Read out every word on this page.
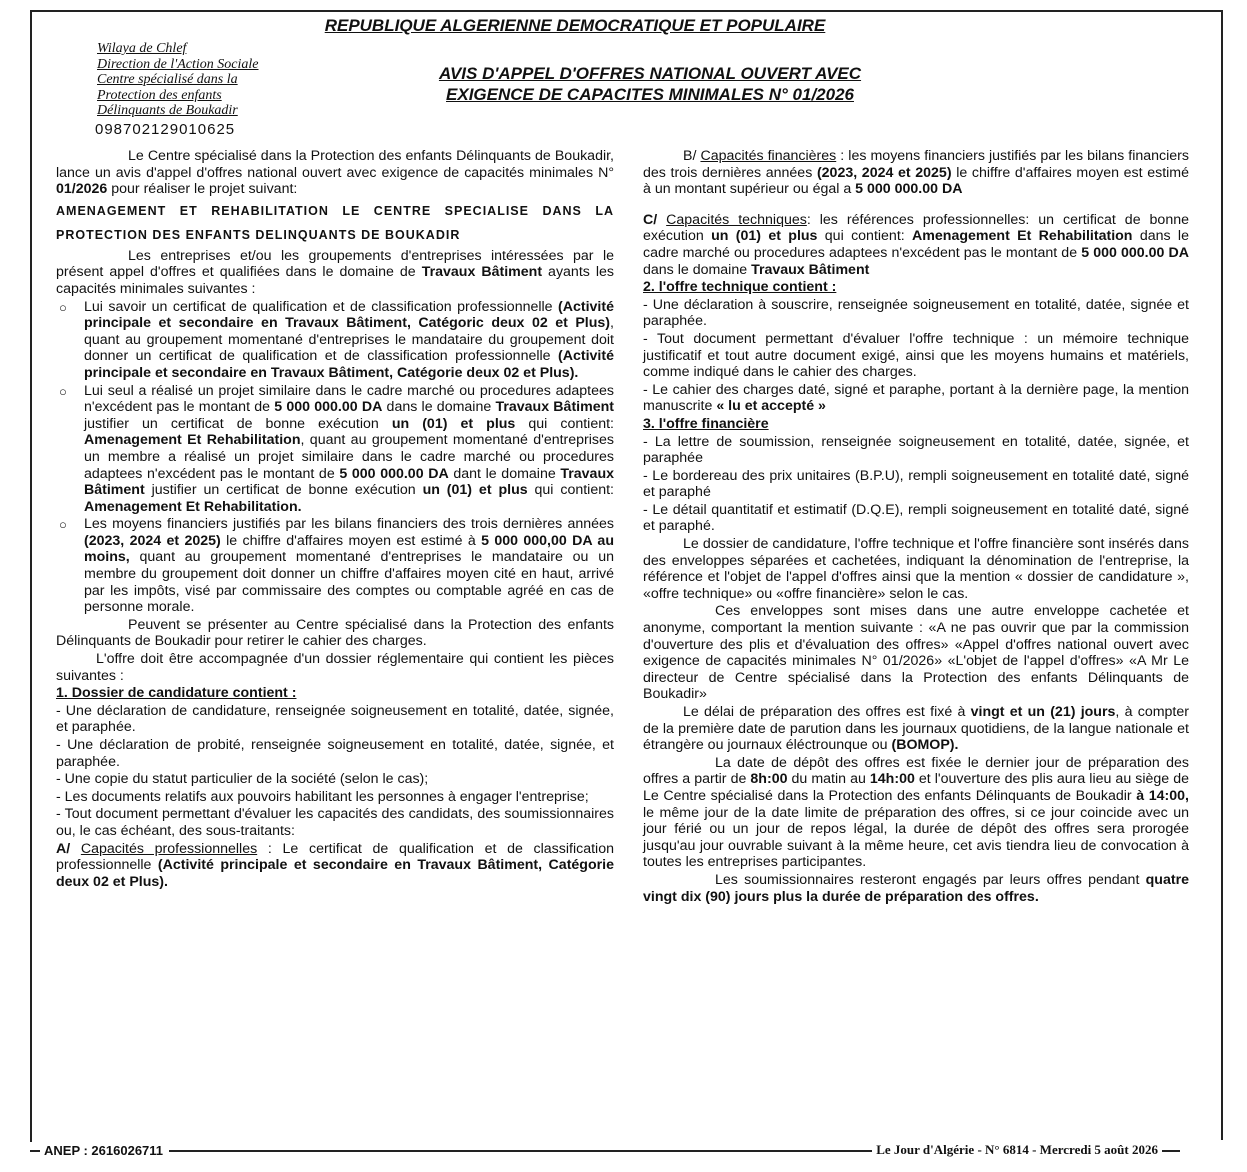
REPUBLIQUE ALGERIENNE DEMOCRATIQUE ET POPULAIRE
Wilaya de Chlef
Direction de l'Action Sociale
Centre spécialisé dans la
Protection des enfants
Délinquants de Boukadir
098702129010625
AVIS D'APPEL D'OFFRES NATIONAL OUVERT AVEC
EXIGENCE DE CAPACITES MINIMALES N° 01/2026

Le Centre spécialisé dans la Protection des enfants Délinquants de Boukadir, lance un avis d'appel d'offres national ouvert avec exigence de capacités minimales N° 01/2026 pour réaliser le projet suivant:

AMENAGEMENT ET REHABILITATION LE CENTRE SPECIALISE DANS LA PROTECTION DES ENFANTS DELINQUANTS DE BOUKADIR

Les entreprises et/ou les groupements d'entreprises intéressées par le présent appel d'offres et qualifiées dans le domaine de Travaux Bâtiment ayants les capacités minimales suivantes :

○ Lui savoir un certificat de qualification et de classification professionnelle (Activité principale et secondaire en Travaux Bâtiment, Catégoric deux 02 et Plus), quant au groupement momentané d'entreprises le mandataire du groupement doit donner un certificat de qualification et de classification professionnelle (Activité principale et secondaire en Travaux Bâtiment, Catégorie deux 02 et Plus).
○ Lui seul a réalisé un projet similaire dans le cadre marché ou procedures adaptees n'excédent pas le montant de 5 000 000.00 DA dans le domaine Travaux Bâtiment justifier un certificat de bonne exécution un (01) et plus qui contient: Amenagement Et Rehabilitation, quant au groupement momentané d'entreprises un membre a réalisé un projet similaire dans le cadre marché ou procedures adaptees n'excédent pas le montant de 5 000 000.00 DA dant le domaine Travaux Bâtiment justifier un certificat de bonne exécution un (01) et plus qui contient: Amenagement Et Rehabilitation.
○ Les moyens financiers justifiés par les bilans financiers des trois dernières années (2023, 2024 et 2025) le chiffre d'affaires moyen est estimé à 5 000 000,00 DA au moins, quant au groupement momentané d'entreprises le mandataire ou un membre du groupement doit donner un chiffre d'affaires moyen cité en haut, arrivé par les impôts, visé par commissaire des comptes ou comptable agréé en cas de personne morale.

Peuvent se présenter au Centre spécialisé dans la Protection des enfants Délinquants de Boukadir pour retirer le cahier des charges.

L'offre doit être accompagnée d'un dossier réglementaire qui contient les pièces suivantes :

1. Dossier de candidature contient :

- Une déclaration de candidature, renseignée soigneusement en totalité, datée, signée, et paraphée.

- Une déclaration de probité, renseignée soigneusement en totalité, datée, signée, et paraphée.

- Une copie du statut particulier de la société (selon le cas);

- Les documents relatifs aux pouvoirs habilitant les personnes à engager l'entreprise;

- Tout document permettant d'évaluer les capacités des candidats, des soumissionnaires ou, le cas échéant, des sous-traitants:

A/ Capacités professionnelles : Le certificat de qualification et de classification professionnelle (Activité principale et secondaire en Travaux Bâtiment, Catégorie deux 02 et Plus).

B/ Capacités financières : les moyens financiers justifiés par les bilans financiers des trois dernières années (2023, 2024 et 2025) le chiffre d'affaires moyen est estimé à un montant supérieur ou égal a 5 000 000.00 DA

C/ Capacités techniques: les références professionnelles: un certificat de bonne exécution un (01) et plus qui contient: Amenagement Et Rehabilitation dans le cadre marché ou procedures adaptees n'excédent pas le montant de 5 000 000.00 DA dans le domaine Travaux Bâtiment

2. l'offre technique contient :

- Une déclaration à souscrire, renseignée soigneusement en totalité, datée, signée et paraphée.

- Tout document permettant d'évaluer l'offre technique : un mémoire technique justificatif et tout autre document exigé, ainsi que les moyens humains et matériels, comme indiqué dans le cahier des charges.

- Le cahier des charges daté, signé et paraphe, portant à la dernière page, la mention manuscrite « lu et accepté »

3. l'offre financière

- La lettre de soumission, renseignée soigneusement en totalité, datée, signée, et paraphée

- Le bordereau des prix unitaires (B.P.U), rempli soigneusement en totalité daté, signé et paraphé

- Le détail quantitatif et estimatif (D.Q.E), rempli soigneusement en totalité daté, signé et paraphé.

Le dossier de candidature, l'offre technique et l'offre financière sont insérés dans des enveloppes séparées et cachetées, indiquant la dénomination de l'entreprise, la référence et l'objet de l'appel d'offres ainsi que la mention « dossier de candidature », «offre technique» ou «offre financière» selon le cas.

Ces enveloppes sont mises dans une autre enveloppe cachetée et anonyme, comportant la mention suivante : «A ne pas ouvrir que par la commission d'ouverture des plis et d'évaluation des offres» «Appel d'offres national ouvert avec exigence de capacités minimales N° 01/2026» «L'objet de l'appel d'offres» «A Mr Le directeur de Centre spécialisé dans la Protection des enfants Délinquants de Boukadir»

Le délai de préparation des offres est fixé à vingt et un (21) jours, à compter de la première date de parution dans les journaux quotidiens, de la langue nationale et étrangère ou journaux éléctrounque ou (BOMOP).

La date de dépôt des offres est fixée le dernier jour de préparation des offres a partir de 8h:00 du matin au 14h:00 et l'ouverture des plis aura lieu au siège de Le Centre spécialisé dans la Protection des enfants Délinquants de Boukadir à 14:00, le même jour de la date limite de préparation des offres, si ce jour coincide avec un jour férié ou un jour de repos légal, la durée de dépôt des offres sera prorogée jusqu'au jour ouvrable suivant à la même heure, cet avis tiendra lieu de convocation à toutes les entreprises participantes.

Les soumissionnaires resteront engagés par leurs offres pendant quatre vingt dix (90) jours plus la durée de préparation des offres.

ANEP : 2616026711	Le Jour d'Algérie - N° 6814 - Mercredi 5 août 2026
